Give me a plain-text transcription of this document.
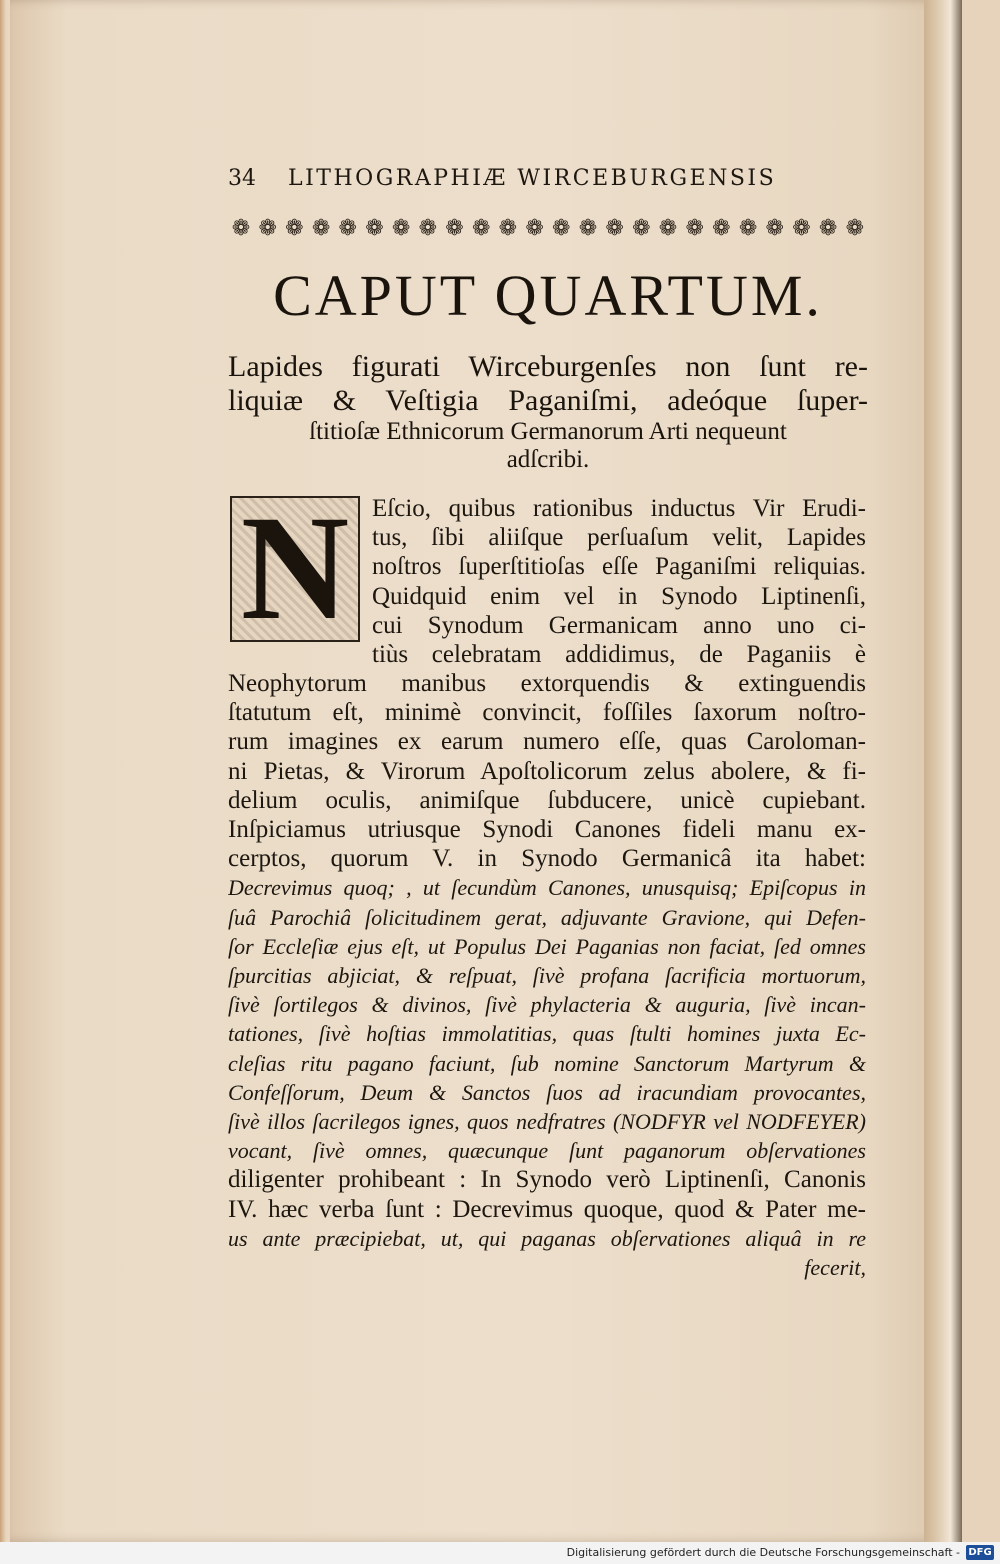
34 LITHOGRAPHIÆ WIRCEBURGENSIS
❁ ❁ ❁ ❁ ❁ ❁ ❁ ❁ ❁ ❁ ❁ ❁ ❁ ❁ ❁ ❁ ❁ ❁ ❁ ❁ ❁ ❁ ❁ ❁
CAPUT QUARTUM.
Lapides figurati Wirceburgenſes non ſunt re-
liquiæ & Veſtigia Paganiſmi, adeóque ſuper-
ſtitioſæ Ethnicorum Germanorum Arti nequeunt
adſcribi.
N Eſcio, quibus rationibus inductus Vir Erudi-
tus, ſibi aliiſque perſuaſum velit, Lapides
noſtros ſuperſtitioſas eſſe Paganiſmi reliquias.
Quidquid enim vel in Synodo Liptinenſi,
cui Synodum Germanicam anno uno ci-
tiùs celebratam addidimus, de Paganiis è
Neophytorum manibus extorquendis & extinguendis
ſtatutum eſt, minimè convincit, foſſiles ſaxorum noſtro-
rum imagines ex earum numero eſſe, quas Caroloman-
ni Pietas, & Virorum Apoſtolicorum zelus abolere, & fi-
delium oculis, animiſque ſubducere, unicè cupiebant.
Inſpiciamus utriusque Synodi Canones fideli manu ex-
cerptos, quorum V. in Synodo Germanicâ ita habet:
Decrevimus quoq; , ut ſecundùm Canones, unusquisq; Epiſcopus in
ſuâ Parochiâ ſolicitudinem gerat, adjuvante Gravione, qui Defen-
ſor Eccleſiæ ejus eſt, ut Populus Dei Paganias non faciat, ſed omnes
ſpurcitias abjiciat, & reſpuat, ſivè profana ſacrificia mortuorum,
ſivè ſortilegos & divinos, ſivè phylacteria & auguria, ſivè incan-
tationes, ſivè hoſtias immolatitias, quas ſtulti homines juxta Ec-
cleſias ritu pagano faciunt, ſub nomine Sanctorum Martyrum &
Confeſſorum, Deum & Sanctos ſuos ad iracundiam provocantes,
ſivè illos ſacrilegos ignes, quos nedfratres (NODFYR vel NODFEYER)
vocant, ſivè omnes, quæcunque ſunt paganorum obſervationes
diligenter prohibeant : In Synodo verò Liptinenſi, Canonis
IV. hæc verba ſunt : Decrevimus quoque, quod & Pater me-
us ante præcipiebat, ut, qui paganas obſervationes aliquâ in re
fecerit,
Digitalisierung gefördert durch die Deutsche Forschungsgemeinschaft - DFG
